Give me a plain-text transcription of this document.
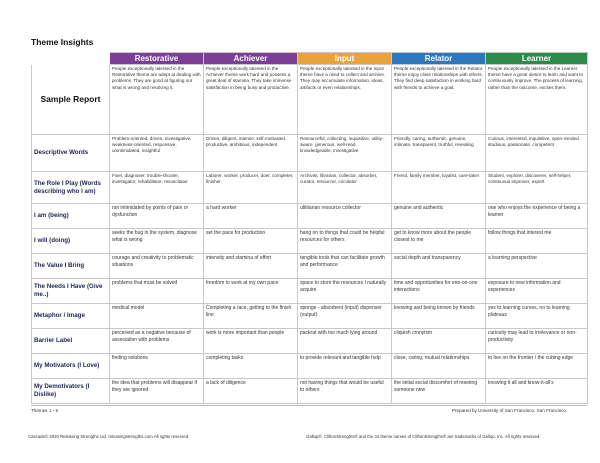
Theme Insights
	Restorative	Achiever	Input	Relator	Learner
Sample Report	People exceptionally talented in the Restorative theme are adept at dealing with problems. They are good at figuring out what is wrong and resolving it.	People exceptionally talented in the Achiever theme work hard and possess a great deal of stamina. They take immense satisfaction in being busy and productive.	People exceptionally talented in the Input theme have a need to collect and archive. They may accumulate information, ideas, artifacts or even relationships.	People exceptionally talented in the Relator theme enjoy close relationships with others. They find deep satisfaction in working hard with friends to achieve a goal.	People exceptionally talented in the Learner theme have a great desire to learn and want to continuously improve. The process of learning, rather than the outcome, excites them.
Descriptive Words	Problem-oriented, driven, investigative, weakness-oriented, responsive, unintimidated, insightful	Driven, diligent, intense, self-motivated, productive, ambitious, independent	Resourceful, collecting, inquisitive, utility-aware, generous, well-read, knowledgeable, investigative	Friendly, caring, authentic, genuine, intimate, transparent, truthful, revealing	Curious, interested, inquisitive, open-minded, studious, passionate, competent
The Role I Play (Words describing who I am)	Fixer, diagnoser, trouble-shooter, investigator, rehabilitator, resuscitator	Laborer, worker, producer, doer, completer, finisher	Archivist, librarian, collector, absorber, curator, resourcer, circulator	Friend, family member, loyalist, care-taker	Student, explorer, discoverer, self-helper, continuous improver, expert
I am (being)	not intimidated by points of pain or dysfunction	a hard worker	utilitarian resource collector	genuine and authentic	one who enjoys the experience of being a learner
I will (doing)	seeks the bug in the system, diagnose what is wrong	set the pace for production	hang on to things that could be helpful resources for others	get to know more about the people closest to me	follow things that interest me
The Value I Bring	courage and creativity to problematic situations	intensity and stamina of effort	tangible tools that can facilitate growth and performance	social depth and transparency	a learning perspective
The Needs I Have (Give me..)	problems that must be solved	freedom to work at my own pace	space to store the resources I naturally acquire	time and opportunities for one-on-one interactions	exposure to new information and experiences
Metaphor / Image	medical model	Completing a race, getting to the finish line	sponge - absorbent (input) dispenser (output)	knowing and being known by friends	yes to learning curves, no to learning plateaus
Barrier Label	perceived as a negative because of association with problems	work is more important than people	packrat with too much lying around	cliquish cronyism	curiosity may lead to irrelevance or non-productivity
My Motivators (I Love)	finding solutions	completing tasks	to provide relevant and tangible help	close, caring, mutual relationships	to live on the frontier / the cutting edge
My Demotivators (I Dislike)	the idea that problems will disappear if they are ignored	a lack of diligence	not having things that would be useful to others	the initial social discomfort of meeting someone new	knowing it all and know-it-all's
Themes 1 - 5	Prepared by University of San Francisco, San Francisco
Cascade© 2020 Releasing Strengths Ltd. releasingstrengths.com All rights reserved.	Gallup®, CliftonStrengths® and the 34 theme names of CliftonStrengths® are trademarks of Gallup, Inc. All rights reserved.
